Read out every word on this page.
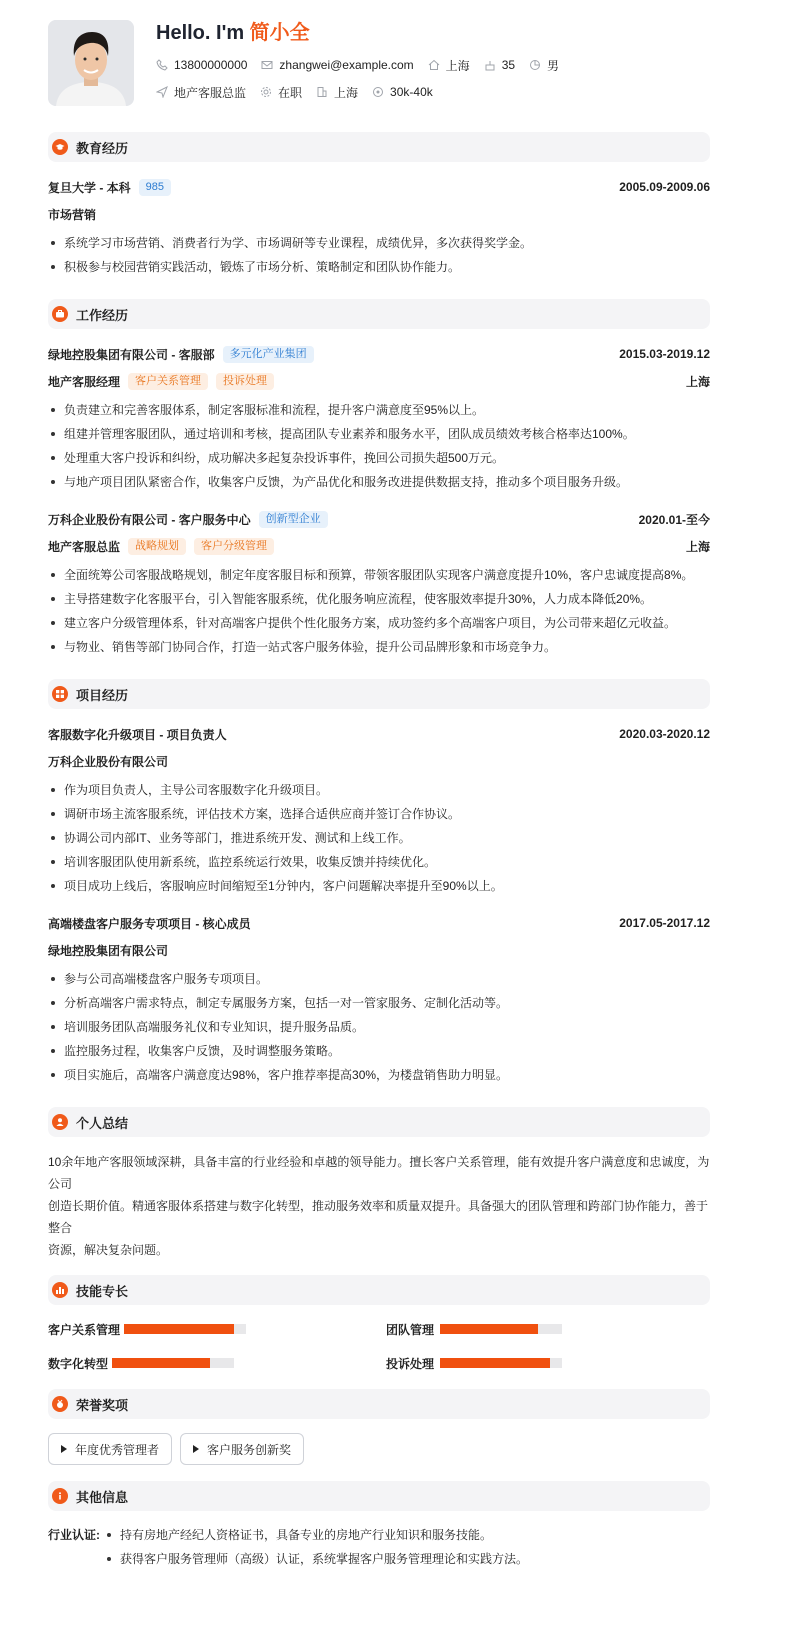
Hello. I'm 简小全
13800000000	zhangwei@example.com	上海	35	男
地产客服总监	在职	上海	30k-40k
教育经历
复旦大学 - 本科	985	2005.09-2009.06
市场营销
系统学习市场营销、消费者行为学、市场调研等专业课程，成绩优异，多次获得奖学金。
积极参与校园营销实践活动，锻炼了市场分析、策略制定和团队协作能力。
工作经历
绿地控股集团有限公司 - 客服部	多元化产业集团	2015.03-2019.12
地产客服经理	客户关系管理	投诉处理	上海
负责建立和完善客服体系，制定客服标准和流程，提升客户满意度至95%以上。
组建并管理客服团队，通过培训和考核，提高团队专业素养和服务水平，团队成员绩效考核合格率达100%。
处理重大客户投诉和纠纷，成功解决多起复杂投诉事件，挽回公司损失超500万元。
与地产项目团队紧密合作，收集客户反馈，为产品优化和服务改进提供数据支持，推动多个项目服务升级。
万科企业股份有限公司 - 客户服务中心	创新型企业	2020.01-至今
地产客服总监	战略规划	客户分级管理	上海
全面统筹公司客服战略规划，制定年度客服目标和预算，带领客服团队实现客户满意度提升10%，客户忠诚度提高8%。
主导搭建数字化客服平台，引入智能客服系统，优化服务响应流程，使客服效率提升30%，人力成本降低20%。
建立客户分级管理体系，针对高端客户提供个性化服务方案，成功签约多个高端客户项目，为公司带来超亿元收益。
与物业、销售等部门协同合作，打造一站式客户服务体验，提升公司品牌形象和市场竞争力。
项目经历
客服数字化升级项目 - 项目负责人	2020.03-2020.12
万科企业股份有限公司
作为项目负责人，主导公司客服数字化升级项目。
调研市场主流客服系统，评估技术方案，选择合适供应商并签订合作协议。
协调公司内部IT、业务等部门，推进系统开发、测试和上线工作。
培训客服团队使用新系统，监控系统运行效果，收集反馈并持续优化。
项目成功上线后，客服响应时间缩短至1分钟内，客户问题解决率提升至90%以上。
高端楼盘客户服务专项项目 - 核心成员	2017.05-2017.12
绿地控股集团有限公司
参与公司高端楼盘客户服务专项项目。
分析高端客户需求特点，制定专属服务方案，包括一对一管家服务、定制化活动等。
培训服务团队高端服务礼仪和专业知识，提升服务品质。
监控服务过程，收集客户反馈，及时调整服务策略。
项目实施后，高端客户满意度达98%，客户推荐率提高30%，为楼盘销售助力明显。
个人总结
10余年地产客服领域深耕，具备丰富的行业经验和卓越的领导能力。擅长客户关系管理，能有效提升客户满意度和忠诚度，为公司
创造长期价值。精通客服体系搭建与数字化转型，推动服务效率和质量双提升。具备强大的团队管理和跨部门协作能力，善于整合
资源，解决复杂问题。
技能专长
客户关系管理	团队管理
数字化转型	投诉处理
荣誉奖项
年度优秀管理者	客户服务创新奖
其他信息
行业认证:	持有房地产经纪人资格证书，具备专业的房地产行业知识和服务技能。
获得客户服务管理师（高级）认证，系统掌握客户服务管理理论和实践方法。
